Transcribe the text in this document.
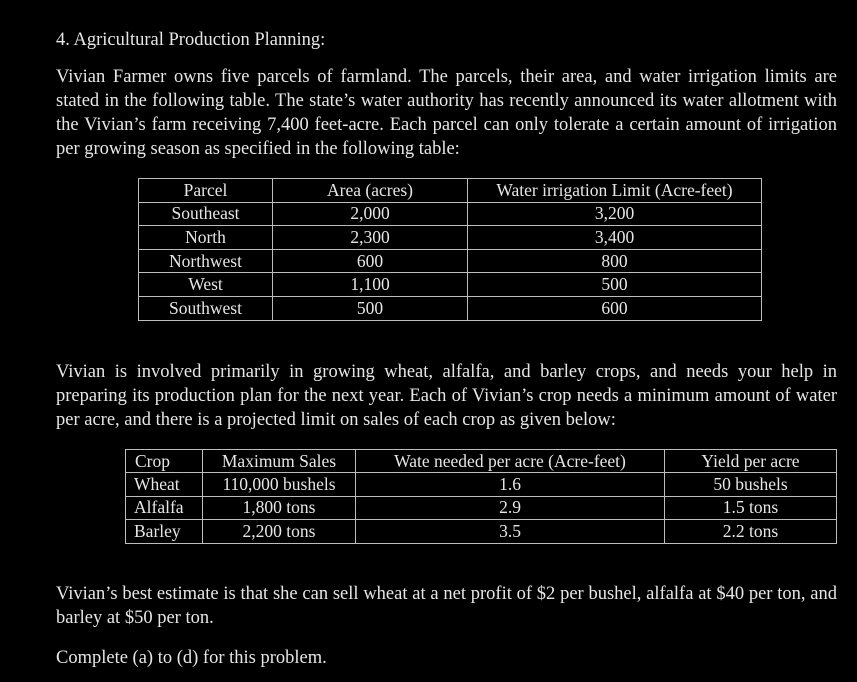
4. Agricultural Production Planning:
Vivian Farmer owns five parcels of farmland. The parcels, their area, and water irrigation limits are stated in the following table. The state’s water authority has recently announced its water allotment with the Vivian’s farm receiving 7,400 feet-acre. Each parcel can only tolerate a certain amount of irrigation per growing season as specified in the following table:
Parcel	Area (acres)	Water irrigation Limit (Acre-feet)
Southeast	2,000	3,200
North	2,300	3,400
Northwest	600	800
West	1,100	500
Southwest	500	600
Vivian is involved primarily in growing wheat, alfalfa, and barley crops, and needs your help in preparing its production plan for the next year. Each of Vivian’s crop needs a minimum amount of water per acre, and there is a projected limit on sales of each crop as given below:
Crop	Maximum Sales	Wate needed per acre (Acre-feet)	Yield per acre
Wheat	110,000 bushels	1.6	50 bushels
Alfalfa	1,800 tons	2.9	1.5 tons
Barley	2,200 tons	3.5	2.2 tons
Vivian’s best estimate is that she can sell wheat at a net profit of $2 per bushel, alfalfa at $40 per ton, and barley at $50 per ton.
Complete (a) to (d) for this problem.
